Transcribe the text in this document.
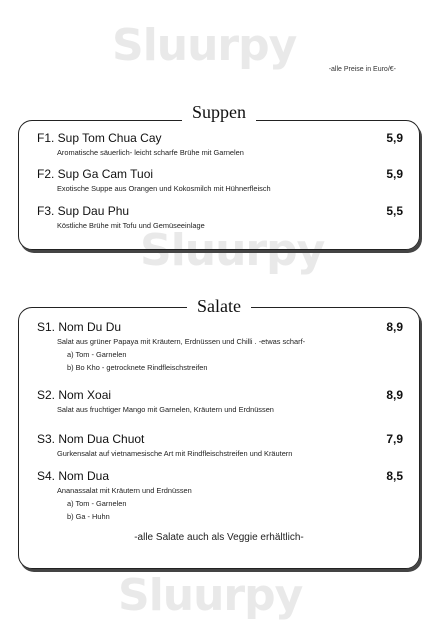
Sluurpy
Sluurpy
Sluurpy
-alle Preise in Euro/€-
Suppen
F1. Sup Tom Chua Cay	5,9
Aromatische säuerlich- leicht scharfe Brühe mit Garnelen
F2. Sup Ga Cam Tuoi	5,9
Exotische Suppe aus Orangen und Kokosmilch mit Hühnerfleisch
F3. Sup Dau Phu	5,5
Köstliche Brühe mit Tofu und Gemüseeinlage
Salate
S1. Nom Du Du	8,9
Salat aus grüner Papaya mit Kräutern, Erdnüssen und Chilli . -etwas scharf-
a) Tom - Garnelen
b) Bo Kho - getrocknete Rindfleischstreifen
S2. Nom Xoai	8,9
Salat aus fruchtiger Mango mit Garnelen, Kräutern und Erdnüssen
S3. Nom Dua Chuot	7,9
Gurkensalat auf vietnamesische Art mit Rindfleischstreifen und Kräutern
S4. Nom Dua	8,5
Ananassalat mit Kräutern und Erdnüssen
a) Tom - Garnelen
b) Ga - Huhn
-alle Salate auch als Veggie erhältlich-
